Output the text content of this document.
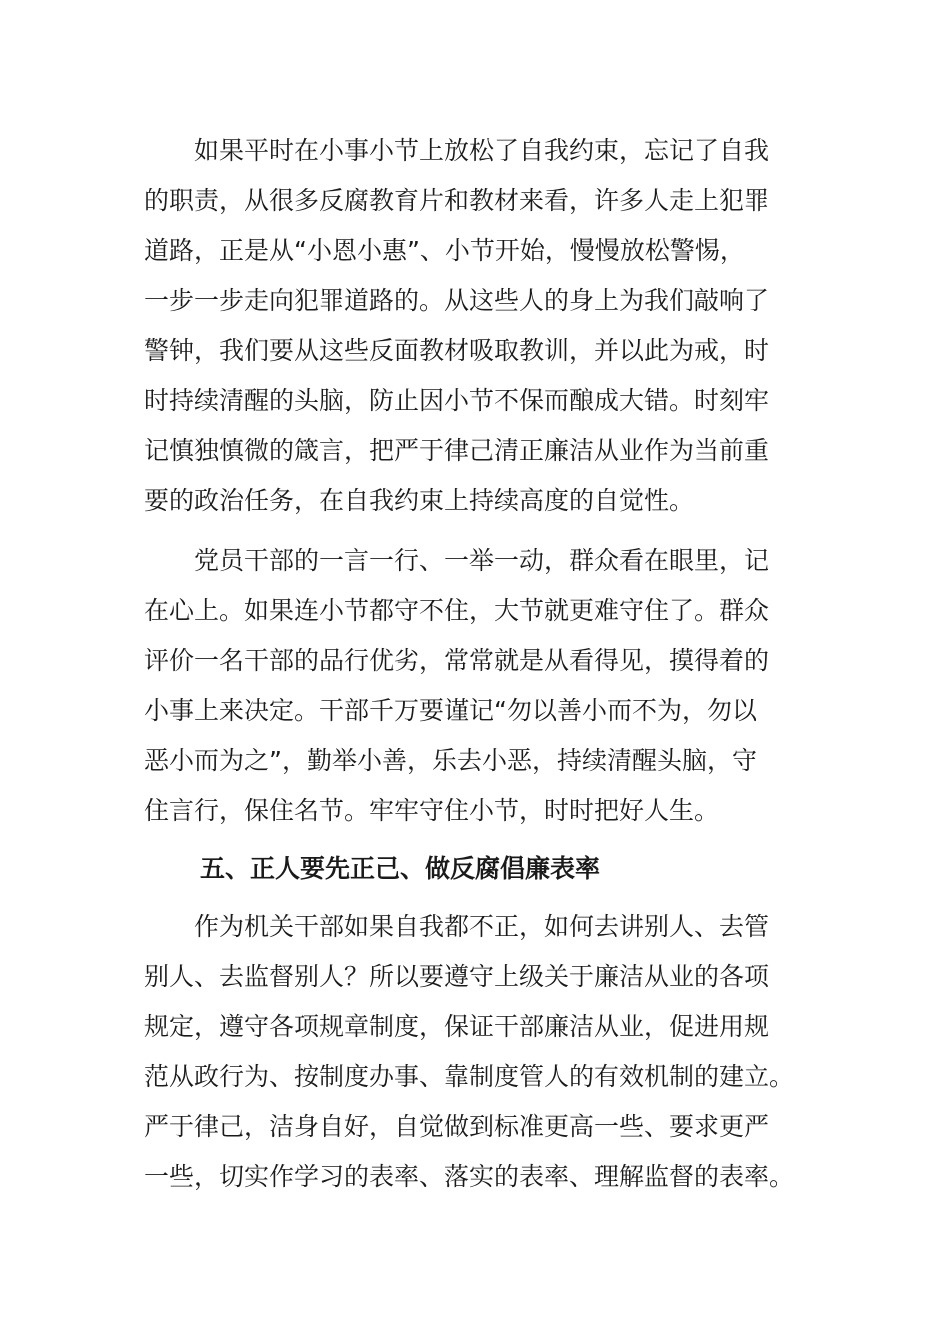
如果平时在小事小节上放松了自我约束，忘记了自我
的职责，从很多反腐教育片和教材来看，许多人走上犯罪
道路，正是从“小恩小惠”、小节开始，慢慢放松警惕，
一步一步走向犯罪道路的。从这些人的身上为我们敲响了
警钟，我们要从这些反面教材吸取教训，并以此为戒，时
时持续清醒的头脑，防止因小节不保而酿成大错。时刻牢
记慎独慎微的箴言，把严于律己清正廉洁从业作为当前重
要的政治任务，在自我约束上持续高度的自觉性。

党员干部的一言一行、一举一动，群众看在眼里，记
在心上。如果连小节都守不住，大节就更难守住了。群众
评价一名干部的品行优劣，常常就是从看得见，摸得着的
小事上来决定。干部千万要谨记“勿以善小而不为，勿以
恶小而为之”，勤举小善，乐去小恶，持续清醒头脑，守
住言行，保住名节。牢牢守住小节，时时把好人生。

五、正人要先正己、做反腐倡廉表率

作为机关干部如果自我都不正，如何去讲别人、去管
别人、去监督别人？所以要遵守上级关于廉洁从业的各项
规定，遵守各项规章制度，保证干部廉洁从业，促进用规
范从政行为、按制度办事、靠制度管人的有效机制的建立。
严于律己，洁身自好，自觉做到标准更高一些、要求更严
一些，切实作学习的表率、落实的表率、理解监督的表率。
